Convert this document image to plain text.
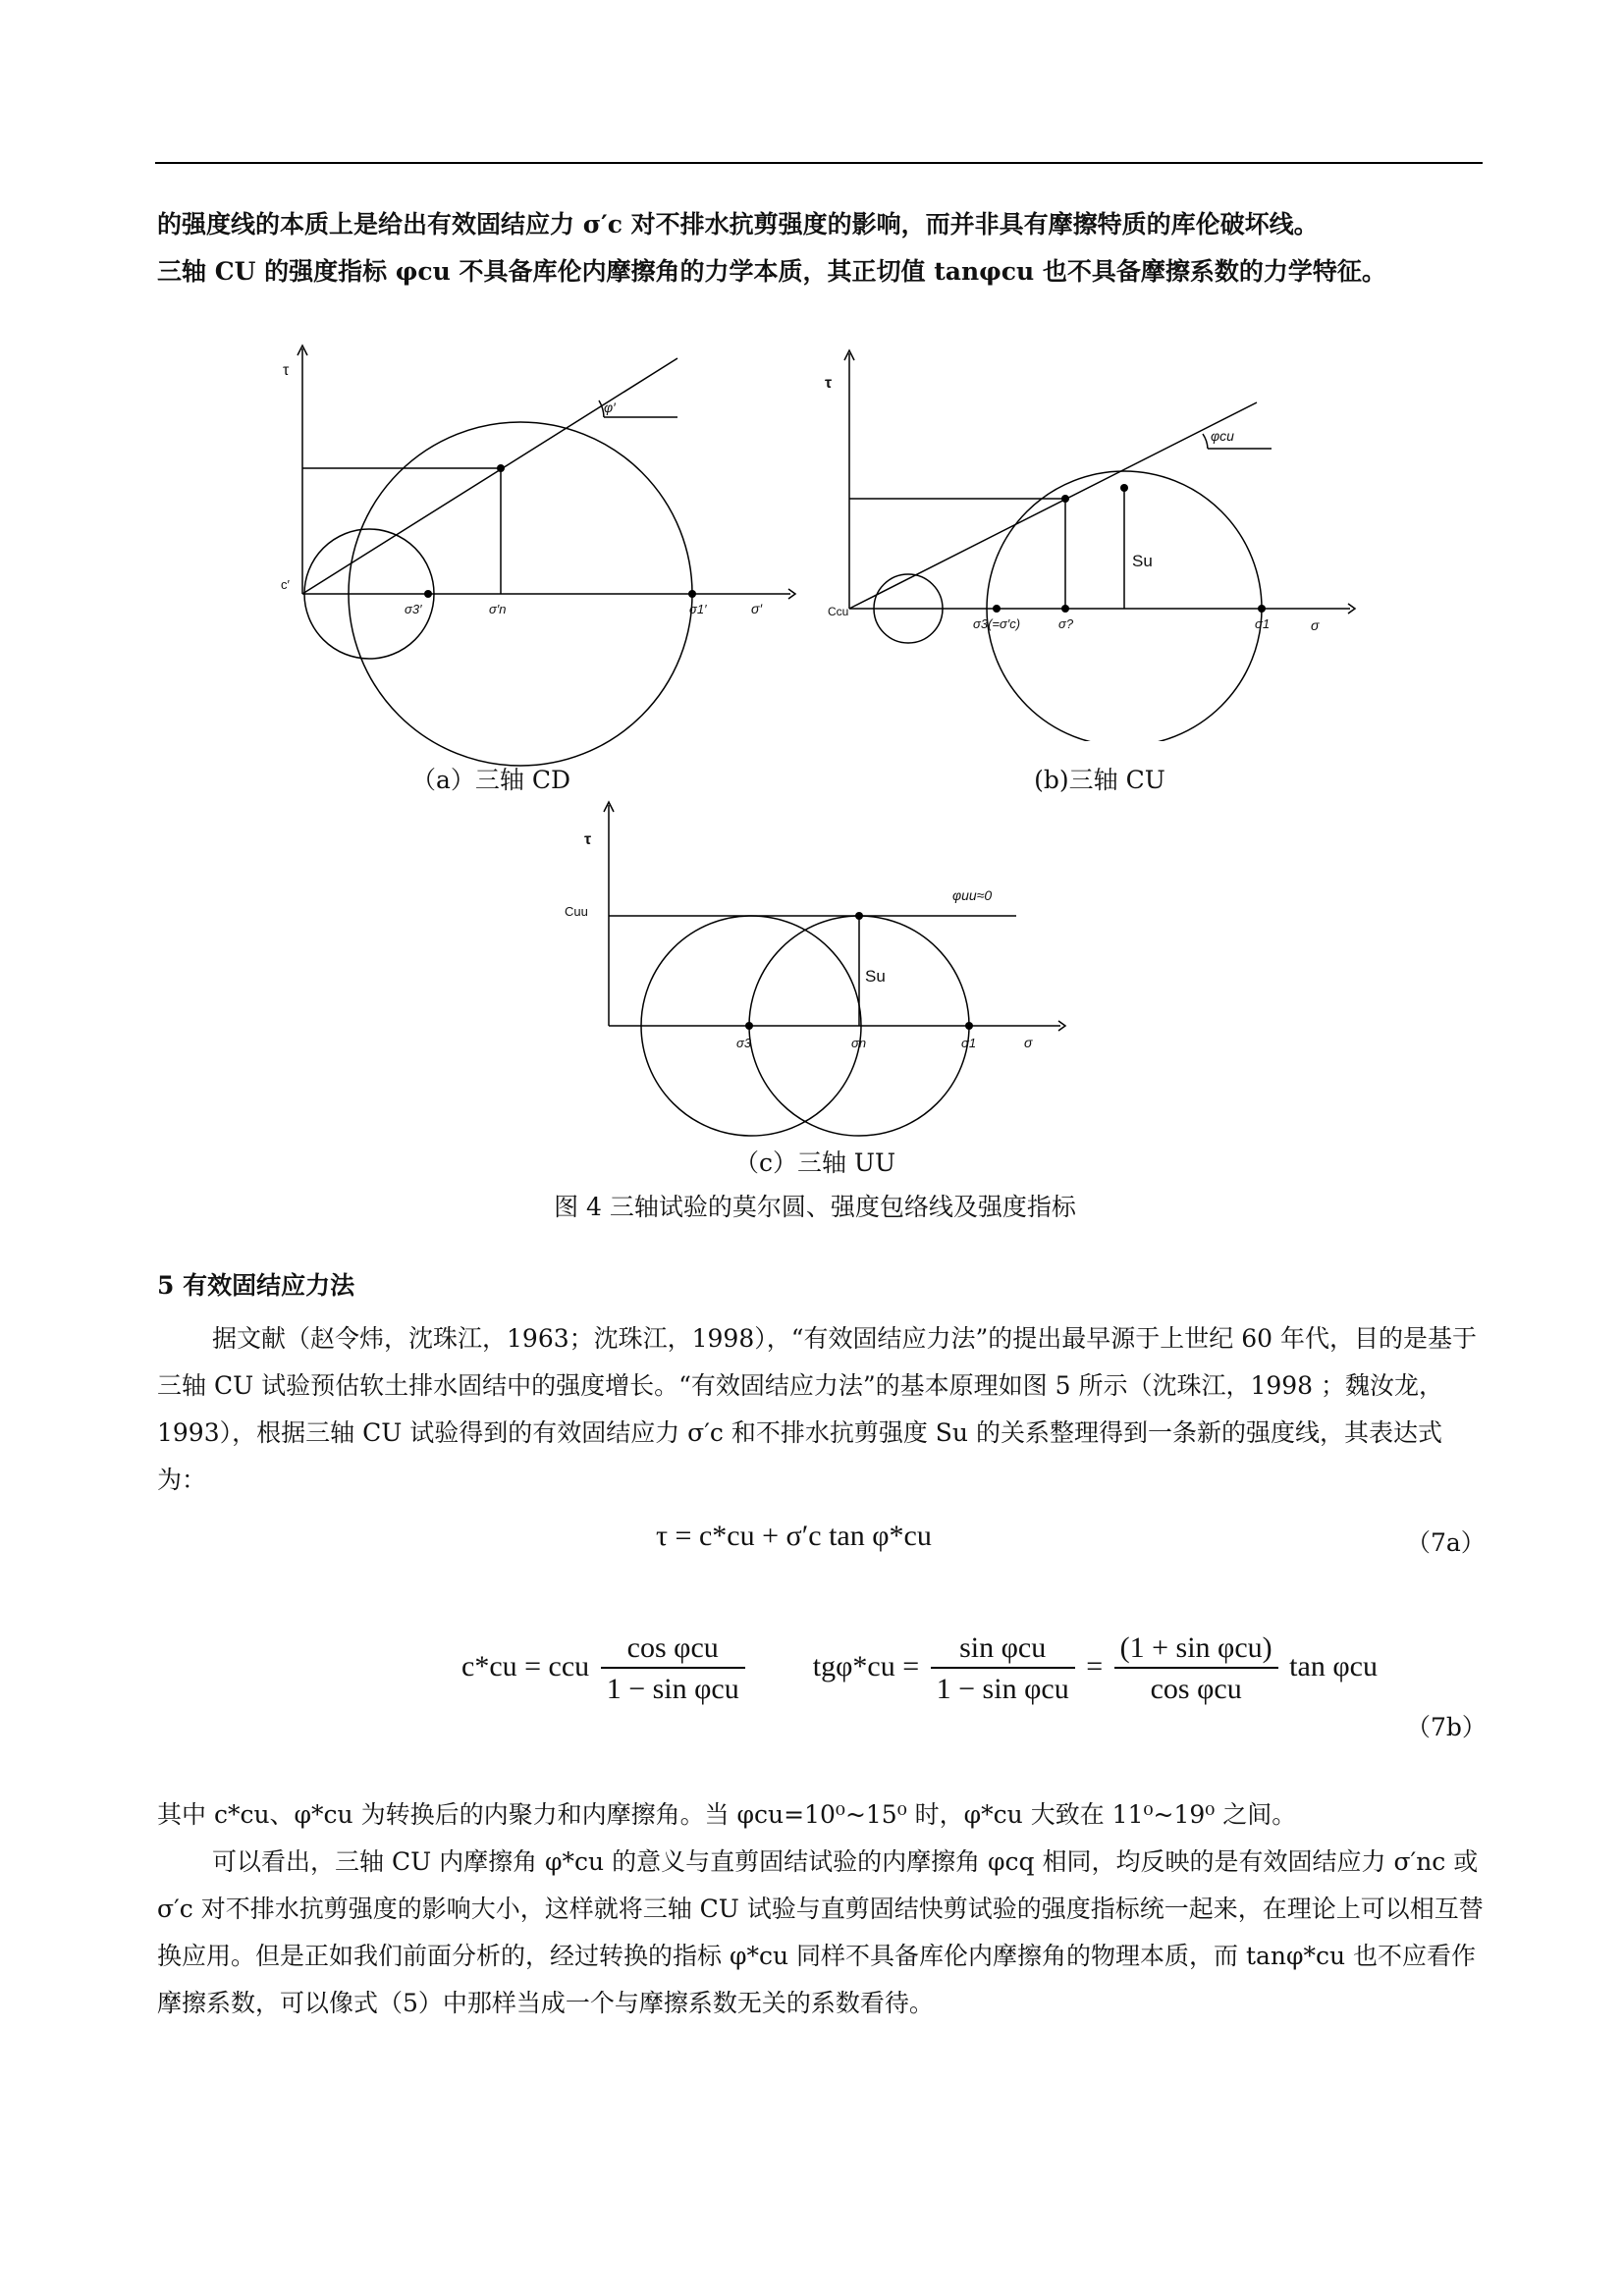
的强度线的本质上是给出有效固结应力 σ′c 对不排水抗剪强度的影响，而并非具有摩擦特质的库伦破坏线。
三轴 CU 的强度指标 φcu 不具备库伦内摩擦角的力学本质，其正切值 tanφcu 也不具备摩擦系数的力学特征。
τ
c′
φ′
σ3′	σ′n	σ1′	σ′
（a）三轴 CD
τ
Ccu
φcu
Su
σ3(=σ′c)	σ?	σ1	σ
(b)三轴 CU
τ
Cuu
φuu≈0
Su
σ3	σn	σ1	σ
（c）三轴 UU
图 4 三轴试验的莫尔圆、强度包络线及强度指标
5 有效固结应力法
据文献（赵令炜，沈珠江，1963；沈珠江，1998），“有效固结应力法”的提出最早源于上世纪 60 年代，目的是基于三轴 CU 试验预估软土排水固结中的强度增长。“有效固结应力法”的基本原理如图 5 所示（沈珠江，1998 ；魏汝龙，1993），根据三轴 CU 试验得到的有效固结应力 σ′c 和不排水抗剪强度 Su 的关系整理得到一条新的强度线，其表达式为：
τ = c*cu + σ′c tan φ*cu	（7a）
c*cu = ccu $\frac{\text{cos φcu}}{\text{1 − sin φcu}} tg\varphi*cu = \frac{\text{sin φcu}}{\text{1 − sin φcu}} = \frac{\text{(1 + sin φcu)}}{\text{cos φcu}}$ tan φcu
（7b）
其中 c*cu、φ*cu 为转换后的内聚力和内摩擦角。当 φcu=10⁰~15⁰ 时，φ*cu 大致在 11⁰~19⁰ 之间。
可以看出，三轴 CU 内摩擦角 φ*cu 的意义与直剪固结试验的内摩擦角 φcq 相同，均反映的是有效固结应力 σ′nc 或 σ′c 对不排水抗剪强度的影响大小，这样就将三轴 CU 试验与直剪固结快剪试验的强度指标统一起来，在理论上可以相互替换应用。但是正如我们前面分析的，经过转换的指标 φ*cu 同样不具备库伦内摩擦角的物理本质，而 tanφ*cu 也不应看作摩擦系数，可以像式（5）中那样当成一个与摩擦系数无关的系数看待。
